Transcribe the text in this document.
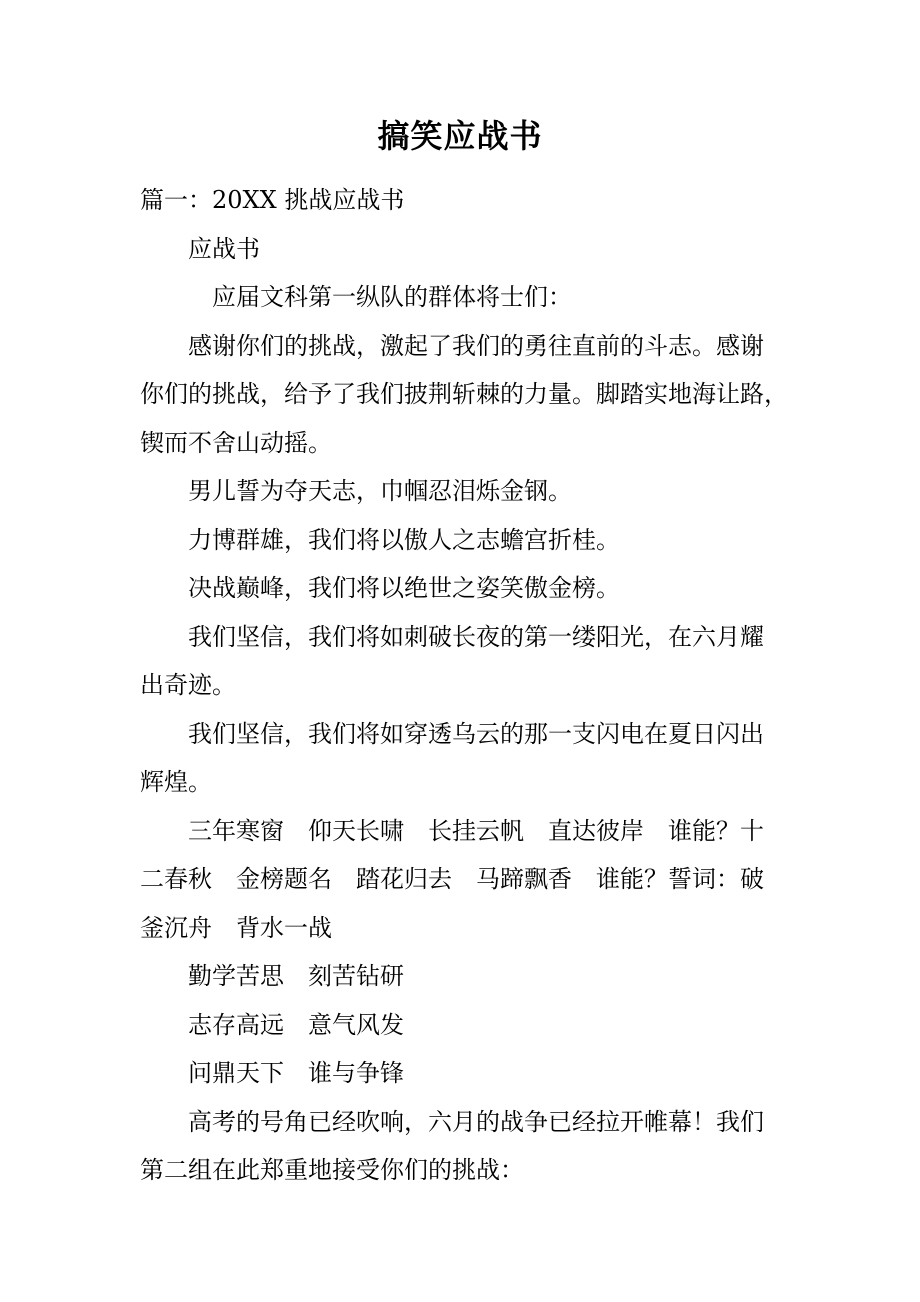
搞笑应战书
篇一：20XX 挑战应战书
应战书
应届文科第一纵队的群体将士们：
感谢你们的挑战，激起了我们的勇往直前的斗志。感谢
你们的挑战，给予了我们披荆斩棘的力量。脚踏实地海让路，
锲而不舍山动摇。
男儿誓为夺天志，巾帼忍泪烁金钢。
力博群雄，我们将以傲人之志蟾宫折桂。
决战巅峰，我们将以绝世之姿笑傲金榜。
我们坚信，我们将如刺破长夜的第一缕阳光，在六月耀
出奇迹。
我们坚信，我们将如穿透乌云的那一支闪电在夏日闪出
辉煌。
三年寒窗　仰天长啸　长挂云帆　直达彼岸　谁能？十
二春秋　金榜题名　踏花归去　马蹄飘香　谁能？誓词：破
釜沉舟　背水一战
勤学苦思　刻苦钻研
志存高远　意气风发
问鼎天下　谁与争锋
高考的号角已经吹响，六月的战争已经拉开帷幕！我们
第二组在此郑重地接受你们的挑战：
